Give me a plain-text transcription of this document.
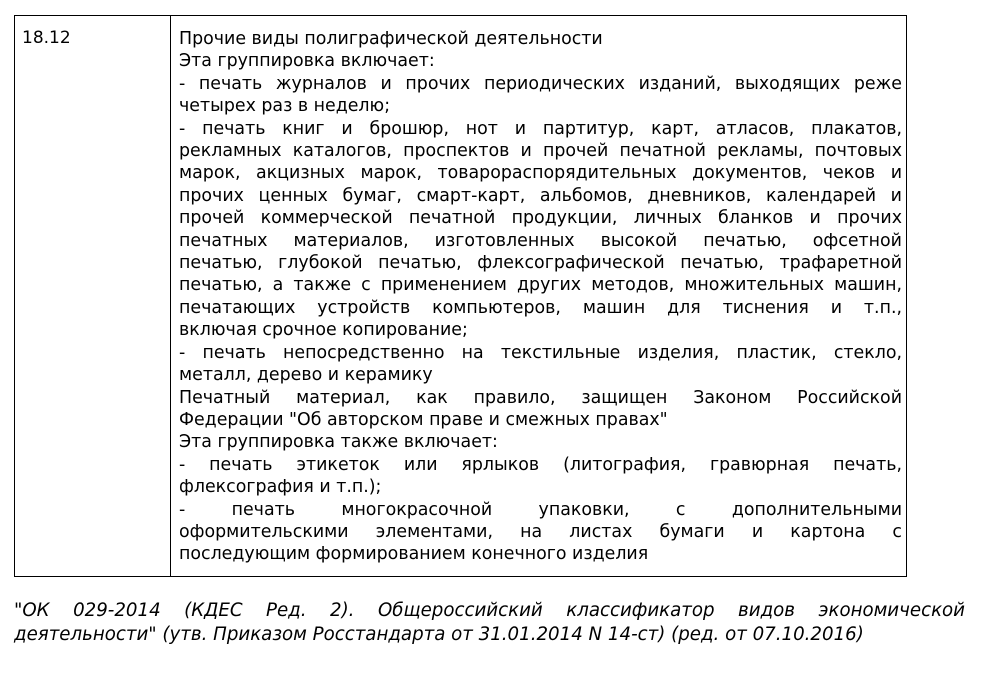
18.12	Прочие виды полиграфической деятельности
Эта группировка включает:
- печать журналов и прочих периодических изданий, выходящих реже
четырех раз в неделю;
- печать книг и брошюр, нот и партитур, карт, атласов, плакатов,
рекламных каталогов, проспектов и прочей печатной рекламы, почтовых
марок, акцизных марок, товарораспорядительных документов, чеков и
прочих ценных бумаг, смарт-карт, альбомов, дневников, календарей и
прочей коммерческой печатной продукции, личных бланков и прочих
печатных материалов, изготовленных высокой печатью, офсетной
печатью, глубокой печатью, флексографической печатью, трафаретной
печатью, а также с применением других методов, множительных машин,
печатающих устройств компьютеров, машин для тиснения и т.п.,
включая срочное копирование;
- печать непосредственно на текстильные изделия, пластик, стекло,
металл, дерево и керамику
Печатный материал, как правило, защищен Законом Российской
Федерации "Об авторском праве и смежных правах"
Эта группировка также включает:
- печать этикеток или ярлыков (литография, гравюрная печать,
флексография и т.п.);
- печать многокрасочной упаковки, с дополнительными
оформительскими элементами, на листах бумаги и картона с
последующим формированием конечного изделия
"ОК 029-2014 (КДЕС Ред. 2). Общероссийский классификатор видов экономической
деятельности" (утв. Приказом Росстандарта от 31.01.2014 N 14-ст) (ред. от 07.10.2016)
